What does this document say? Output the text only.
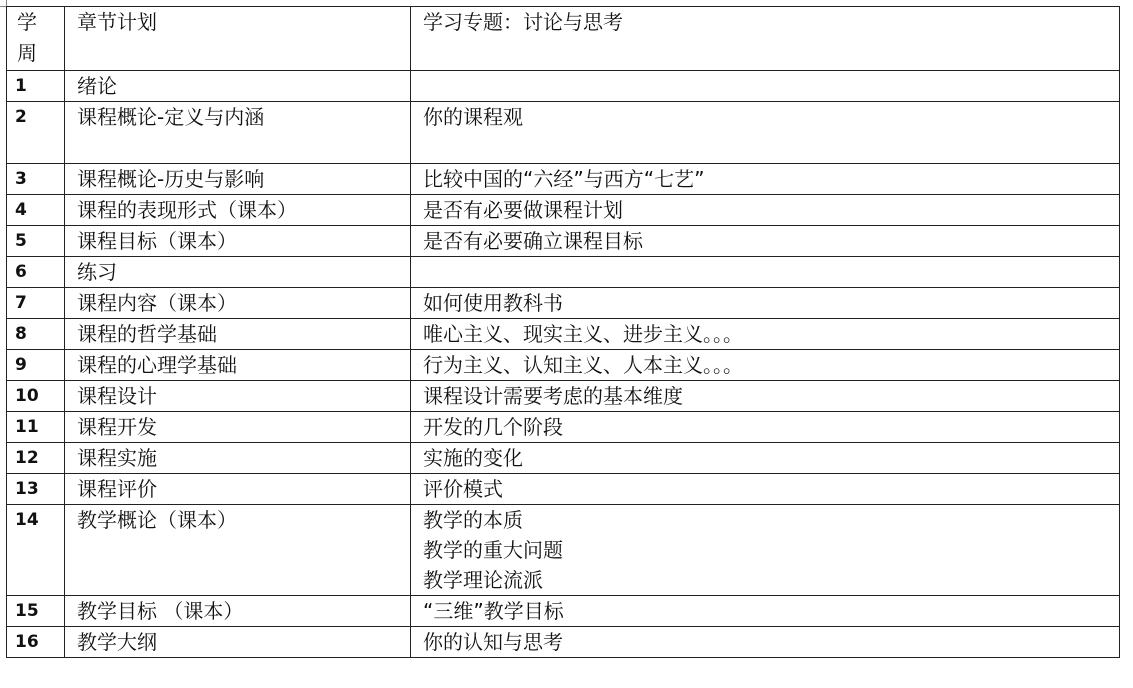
学
周	章节计划	学习专题：讨论与思考
1	绪论	

2	课程概论-定义与内涵	你的课程观

3	课程概论-历史与影响	比较中国的“六经”与西方“七艺”

4	课程的表现形式（课本）	是否有必要做课程计划

5	课程目标（课本）	是否有必要确立课程目标

6	练习	

7	课程内容（课本）	如何使用教科书

8	课程的哲学基础	唯心主义、现实主义、进步主义。。。

9	课程的心理学基础	行为主义、认知主义、人本主义。。。

10	课程设计	课程设计需要考虑的基本维度

11	课程开发	开发的几个阶段

12	课程实施	实施的变化

13	课程评价	评价模式

14	教学概论（课本）	教学的本质
教学的重大问题
教学理论流派

15	教学目标 （课本）	“三维”教学目标

16	教学大纲	你的认知与思考
